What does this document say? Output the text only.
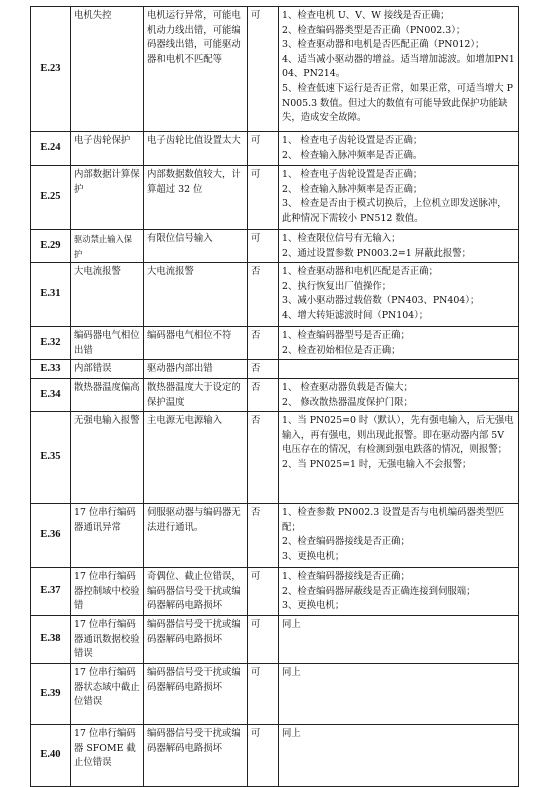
E.23	电机失控	电机运行异常，可能电机动力线出错，可能编码器线出错，可能驱动器和电机不匹配等	可	1、检查电机 U、V、W 接线是否正确；
2、检查编码器类型是否正确（PN002.3）；
3、检查驱动器和电机是否匹配正确（PN012）；
4、适当减小驱动器的增益。适当增加滤波。如增加PN104、PN214。
5、检查低速下运行是否正常，如果正常，可适当增大 PN005.3 数值。但过大的数值有可能导致此保护功能缺失，造成安全故障。

E.24	电子齿轮保护	电子齿轮比值设置太大	可	1、 检查电子齿轮设置是否正确；
2、 检查输入脉冲频率是否正确。

E.25	内部数据计算保护	内部数据数值较大，计算超过 32 位	可	1、 检查电子齿轮设置是否正确；
2、 检查输入脉冲频率是否正确；
3、 检查是否由于模式切换后，上位机立即发送脉冲，此种情况下需较小 PN512 数值。

E.29	驱动禁止输入保护	有限位信号输入	可	1、检查限位信号有无输入；
2、通过设置参数 PN003.2=1 屏蔽此报警；

E.31	大电流报警	大电流报警	否	1、检查驱动器和电机匹配是否正确；
2、执行恢复出厂值操作；
3、减小驱动器过载倍数（PN403、PN404）；
4、增大转矩滤波时间（PN104）；

E.32	编码器电气相位出错	编码器电气相位不符	否	1、检查编码器型号是否正确；
2、检查初始相位是否正确；

E.33	内部错误	驱动器内部出错	否	
E.34	散热器温度偏高	散热器温度大于设定的保护温度	否	1、 检查驱动器负载是否偏大；
2、 修改散热器温度保护门限；

E.35	无强电输入报警	主电源无电源输入	否	1、当 PN025=0 时（默认），先有强电输入，后无强电输入，再有强电，则出现此报警。即在驱动器内部 5V 电压存在的情况，有检测到强电跌落的情况，则报警；
2、当 PN025=1 时，无强电输入不会报警；

E.36	17 位串行编码器通讯异常	伺服驱动器与编码器无法进行通讯。	否	1、检查参数 PN002.3 设置是否与电机编码器类型匹配；
2、检查编码器接线是否正确；
3、更换电机；

E.37	17 位串行编码器控制域中校验错	奇偶位、截止位错误，编码器信号受干扰或编码器解码电路损坏	可	1、检查编码器接线是否正确；
2、检查编码器屏蔽线是否正确连接到伺服端；
3、更换电机；

E.38	17 位串行编码器通讯数据校验错误	编码器信号受干扰或编码器解码电路损坏	可	同上

E.39	17 位串行编码器状态域中截止位错误	编码器信号受干扰或编码器解码电路损坏	可	同上

E.40	17 位串行编码器 SFOME 截止位错误	编码器信号受干扰或编码器解码电路损坏	可	同上
